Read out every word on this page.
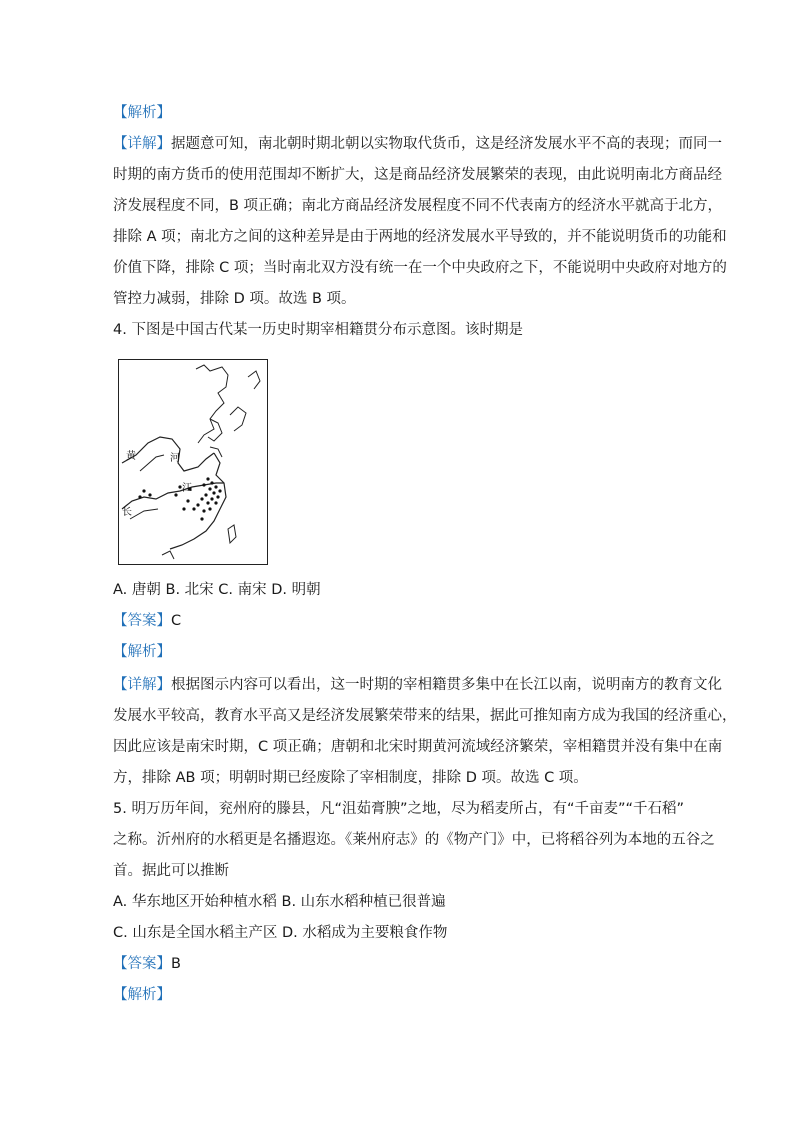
【解析】
【详解】据题意可知，南北朝时期北朝以实物取代货币，这是经济发展水平不高的表现；而同一
时期的南方货币的使用范围却不断扩大，这是商品经济发展繁荣的表现，由此说明南北方商品经
济发展程度不同，B 项正确；南北方商品经济发展程度不同不代表南方的经济水平就高于北方，
排除 A 项；南北方之间的这种差异是由于两地的经济发展水平导致的，并不能说明货币的功能和
价值下降，排除 C 项；当时南北双方没有统一在一个中央政府之下，不能说明中央政府对地方的
管控力减弱，排除 D 项。故选 B 项。
4. 下图是中国古代某一历史时期宰相籍贯分布示意图。该时期是
黄	河
江
长
A. 唐朝 B. 北宋 C. 南宋 D. 明朝
【答案】C
【解析】
【详解】根据图示内容可以看出，这一时期的宰相籍贯多集中在长江以南，说明南方的教育文化
发展水平较高，教育水平高又是经济发展繁荣带来的结果，据此可推知南方成为我国的经济重心，
因此应该是南宋时期，C 项正确；唐朝和北宋时期黄河流域经济繁荣，宰相籍贯并没有集中在南
方，排除 AB 项；明朝时期已经废除了宰相制度，排除 D 项。故选 C 项。
5. 明万历年间，兖州府的滕县，凡“沮茹膏腴”之地，尽为稻麦所占，有“千亩麦”“千石稻”
之称。沂州府的水稻更是名播遐迩。《莱州府志》的《物产门》中，已将稻谷列为本地的五谷之
首。据此可以推断
A. 华东地区开始种植水稻 B. 山东水稻种植已很普遍
C. 山东是全国水稻主产区 D. 水稻成为主要粮食作物
【答案】B
【解析】
